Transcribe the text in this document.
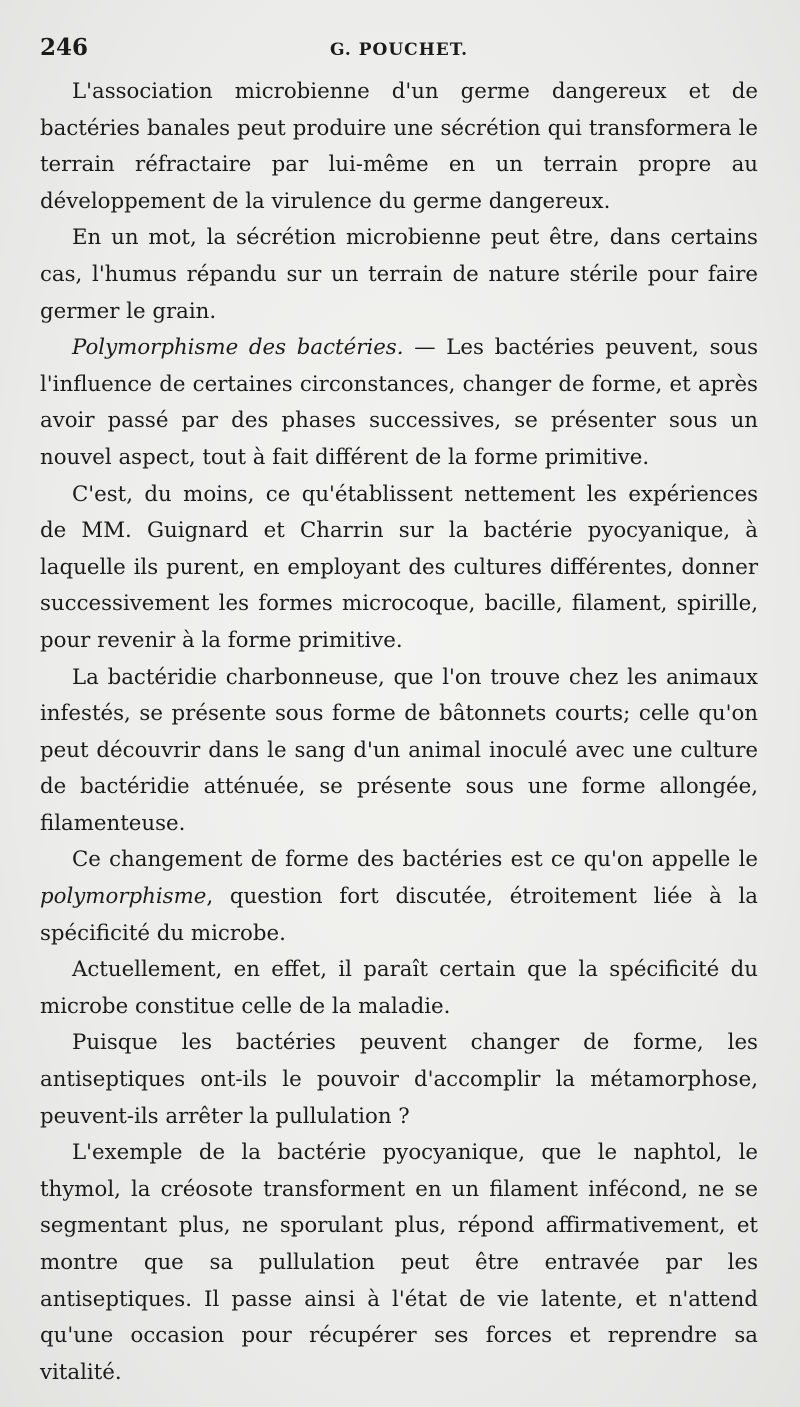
246	G. POUCHET.

L'association microbienne d'un germe dangereux et de bactéries banales peut produire une sécrétion qui transformera le terrain réfractaire par lui-même en un terrain propre au développement de la virulence du germe dangereux.

En un mot, la sécrétion microbienne peut être, dans certains cas, l'humus répandu sur un terrain de nature stérile pour faire germer le grain.

Polymorphisme des bactéries. — Les bactéries peuvent, sous l'influence de certaines circonstances, changer de forme, et après avoir passé par des phases successives, se présenter sous un nouvel aspect, tout à fait différent de la forme primitive.

C'est, du moins, ce qu'établissent nettement les expériences de MM. Guignard et Charrin sur la bactérie pyocyanique, à laquelle ils purent, en employant des cultures différentes, donner successivement les formes microcoque, bacille, filament, spirille, pour revenir à la forme primitive.

La bactéridie charbonneuse, que l'on trouve chez les animaux infestés, se présente sous forme de bâtonnets courts; celle qu'on peut découvrir dans le sang d'un animal inoculé avec une culture de bactéridie atténuée, se présente sous une forme allongée, filamenteuse.

Ce changement de forme des bactéries est ce qu'on appelle le polymorphisme, question fort discutée, étroitement liée à la spécificité du microbe.

Actuellement, en effet, il paraît certain que la spécificité du microbe constitue celle de la maladie.

Puisque les bactéries peuvent changer de forme, les antiseptiques ont-ils le pouvoir d'accomplir la métamorphose, peuvent-ils arrêter la pullulation ?

L'exemple de la bactérie pyocyanique, que le naphtol, le thymol, la créosote transforment en un filament infécond, ne se segmentant plus, ne sporulant plus, répond affirmativement, et montre que sa pullulation peut être entravée par les antiseptiques. Il passe ainsi à l'état de vie latente, et n'attend qu'une occasion pour récupérer ses forces et reprendre sa vitalité.
